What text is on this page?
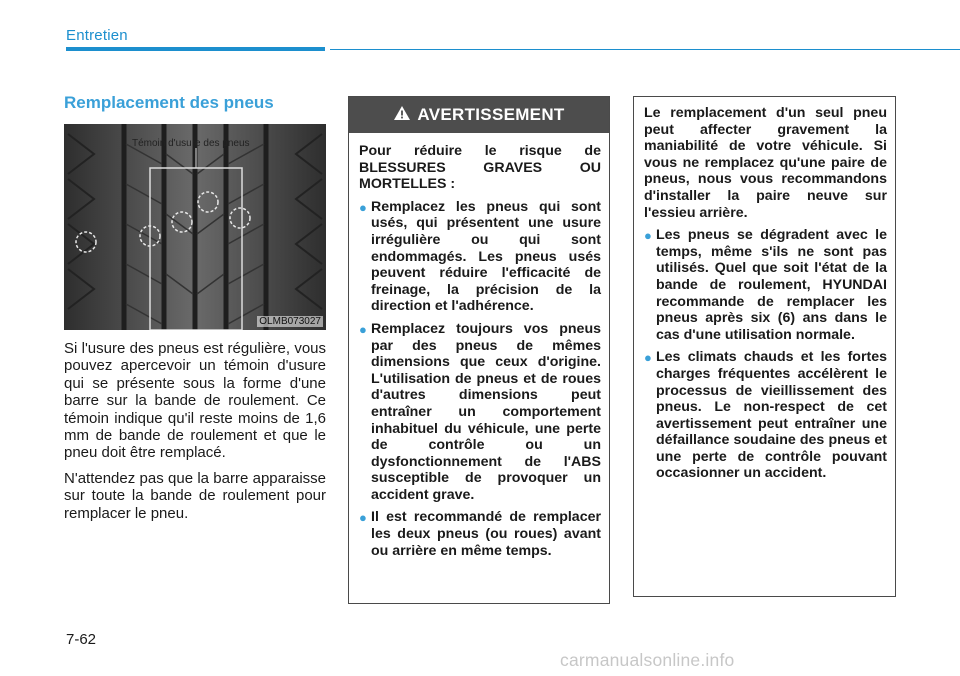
Entretien
Remplacement des pneus
Témoin d'usure des pneus
OLMB073027

Si l'usure des pneus est régulière, vous pouvez apercevoir un témoin d'usure qui se présente sous la forme d'une barre sur la bande de roulement. Ce témoin indique qu'il reste moins de 1,6 mm de bande de roulement et que le pneu doit être remplacé.

N'attendez pas que la barre apparaisse sur toute la bande de roulement pour remplacer le pneu.

AVERTISSEMENT

Pour réduire le risque de BLESSURES GRAVES OU MORTELLES :

● Remplacez les pneus qui sont usés, qui présentent une usure irrégulière ou qui sont endommagés. Les pneus usés peuvent réduire l'efficacité de freinage, la précision de la direction et l'adhérence.
● Remplacez toujours vos pneus par des pneus de mêmes dimensions que ceux d'origine. L'utilisation de pneus et de roues d'autres dimensions peut entraîner un comportement inhabituel du véhicule, une perte de contrôle ou un dysfonctionnement de l'ABS susceptible de provoquer un accident grave.
● Il est recommandé de remplacer les deux pneus (ou roues) avant ou arrière en même temps.

Le remplacement d'un seul pneu peut affecter gravement la maniabilité de votre véhicule. Si vous ne remplacez qu'une paire de pneus, nous vous recommandons d'installer la paire neuve sur l'essieu arrière.

● Les pneus se dégradent avec le temps, même s'ils ne sont pas utilisés. Quel que soit l'état de la bande de roulement, HYUNDAI recommande de remplacer les pneus après six (6) ans dans le cas d'une utilisation normale.
● Les climats chauds et les fortes charges fréquentes accélèrent le processus de vieillissement des pneus. Le non-respect de cet avertissement peut entraîner une défaillance soudaine des pneus et une perte de contrôle pouvant occasionner un accident.
7-62
carmanualsonline.info
